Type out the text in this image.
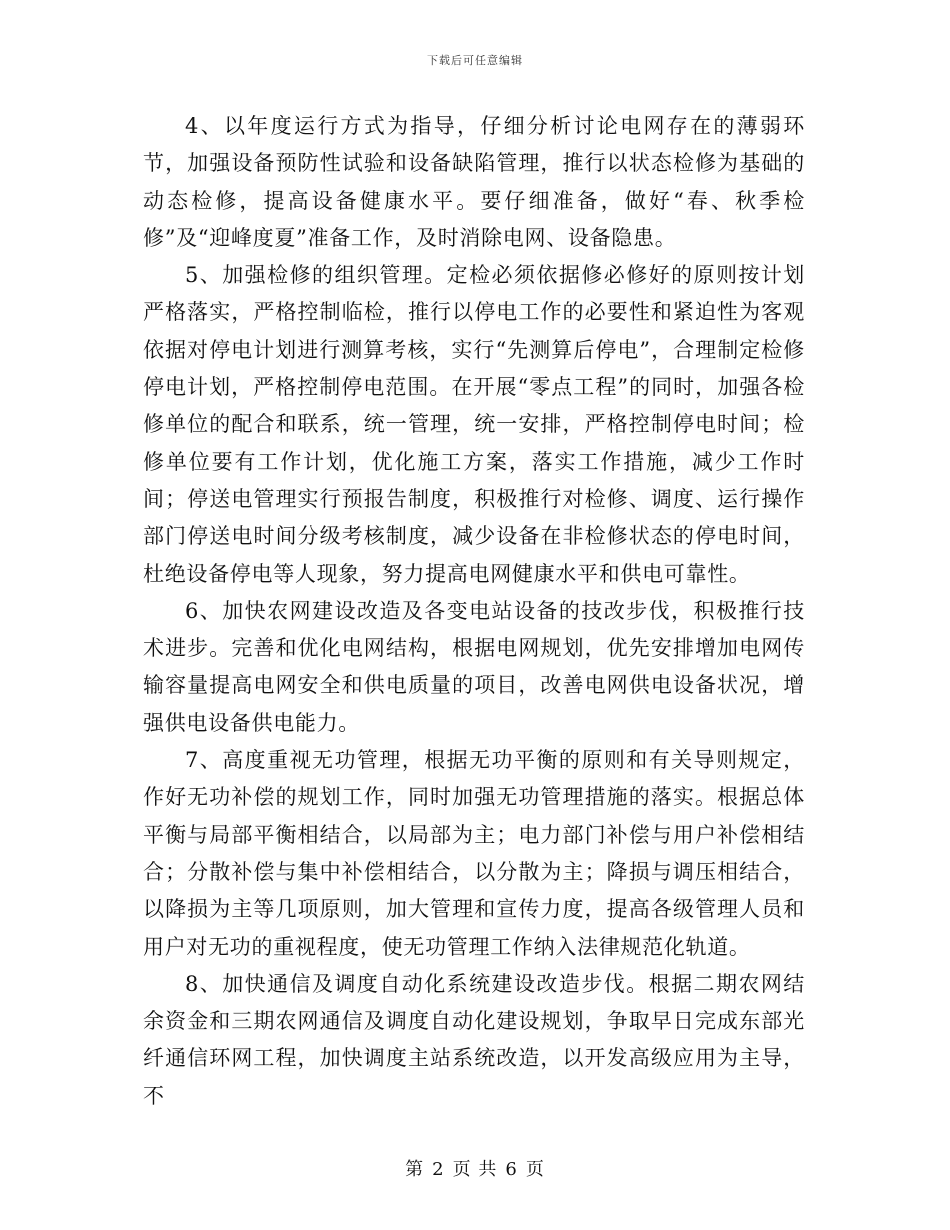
下载后可任意编辑

4、以年度运行方式为指导，仔细分析讨论电网存在的薄弱环节，加强设备预防性试验和设备缺陷管理，推行以状态检修为基础的动态检修，提高设备健康水平。要仔细准备，做好“春、秋季检修”及“迎峰度夏”准备工作，及时消除电网、设备隐患。

5、加强检修的组织管理。定检必须依据修必修好的原则按计划严格落实，严格控制临检，推行以停电工作的必要性和紧迫性为客观依据对停电计划进行测算考核，实行“先测算后停电”，合理制定检修停电计划，严格控制停电范围。在开展“零点工程”的同时，加强各检修单位的配合和联系，统一管理，统一安排，严格控制停电时间；检修单位要有工作计划，优化施工方案，落实工作措施，减少工作时间；停送电管理实行预报告制度，积极推行对检修、调度、运行操作部门停送电时间分级考核制度，减少设备在非检修状态的停电时间，杜绝设备停电等人现象，努力提高电网健康水平和供电可靠性。

6、加快农网建设改造及各变电站设备的技改步伐，积极推行技术进步。完善和优化电网结构，根据电网规划，优先安排增加电网传输容量提高电网安全和供电质量的项目，改善电网供电设备状况，增强供电设备供电能力。

7、高度重视无功管理，根据无功平衡的原则和有关导则规定，作好无功补偿的规划工作，同时加强无功管理措施的落实。根据总体平衡与局部平衡相结合，以局部为主；电力部门补偿与用户补偿相结合；分散补偿与集中补偿相结合，以分散为主；降损与调压相结合，以降损为主等几项原则，加大管理和宣传力度，提高各级管理人员和用户对无功的重视程度，使无功管理工作纳入法律规范化轨道。

8、加快通信及调度自动化系统建设改造步伐。根据二期农网结余资金和三期农网通信及调度自动化建设规划，争取早日完成东部光纤通信环网工程，加快调度主站系统改造，以开发高级应用为主导，不

第 2 页 共 6 页
